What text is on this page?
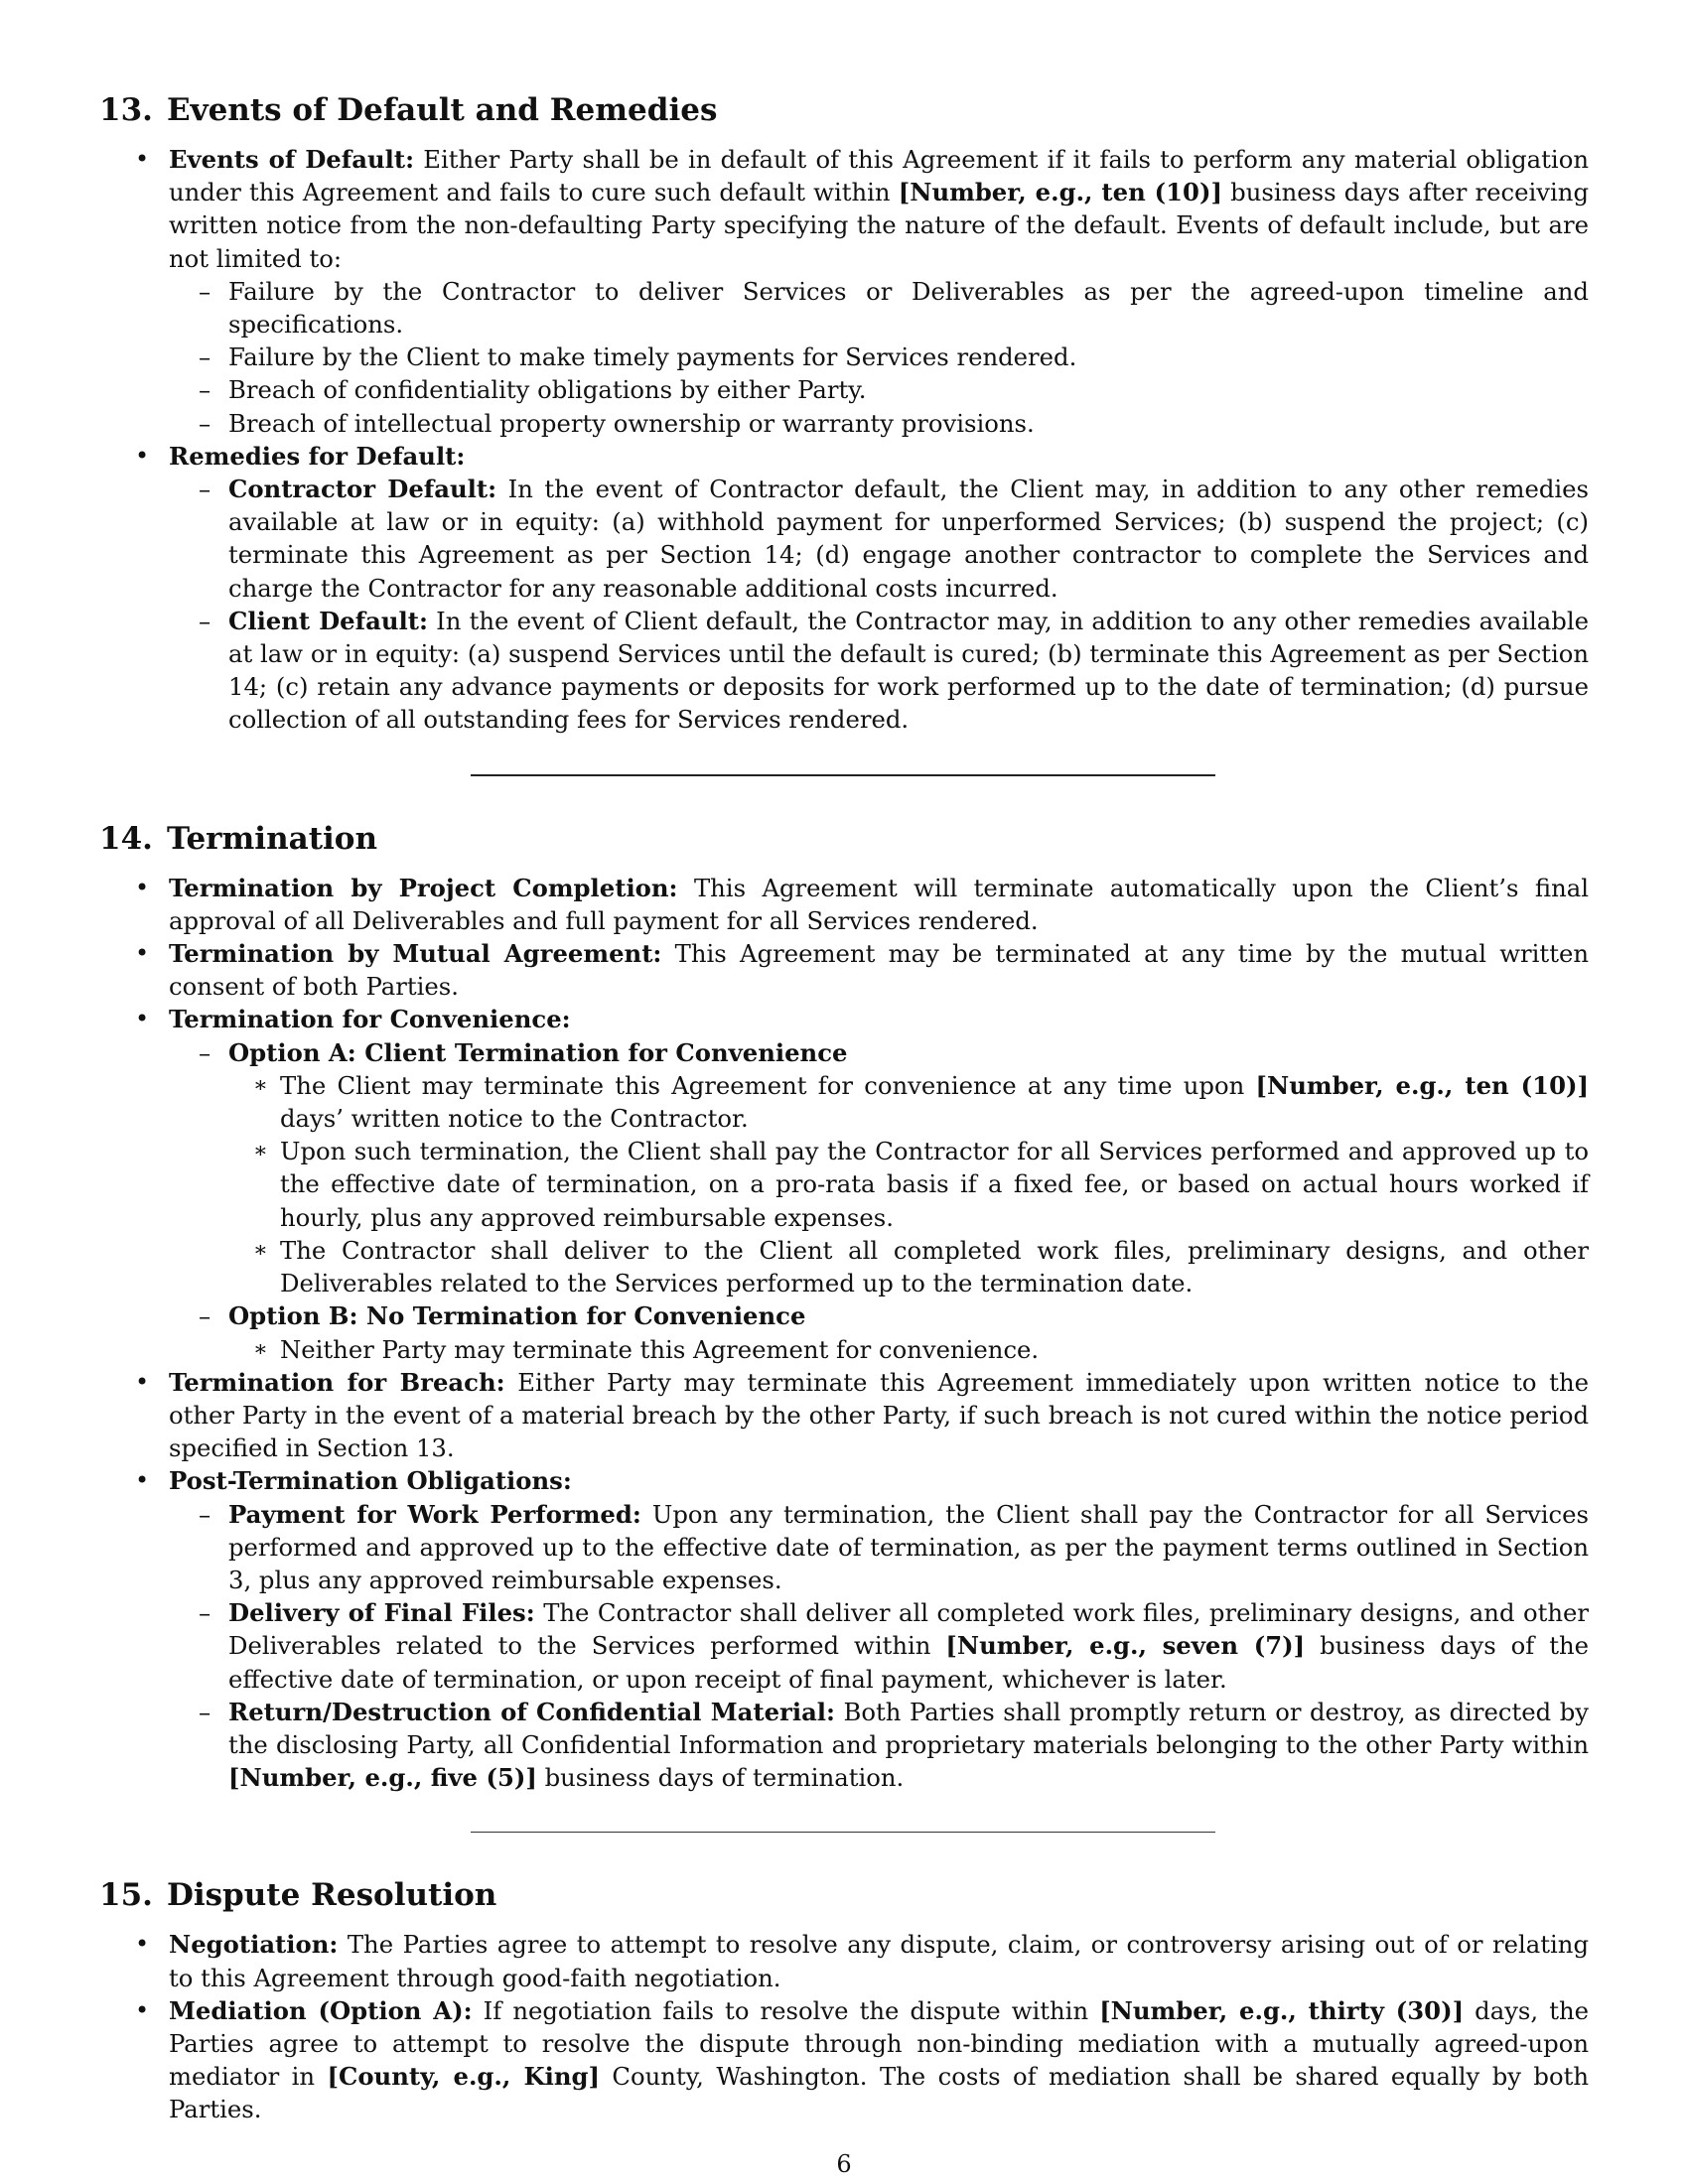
13. Events of Default and Remedies
• Events of Default: Either Party shall be in default of this Agreement if it fails to perform any material obligation under this Agreement and fails to cure such default within [Number, e.g., ten (10)] business days after receiving written notice from the non-defaulting Party specifying the nature of the default. Events of default include, but are not limited to:
– Failure by the Contractor to deliver Services or Deliverables as per the agreed-upon timeline and specifications.
– Failure by the Client to make timely payments for Services rendered.
– Breach of confidentiality obligations by either Party.
– Breach of intellectual property ownership or warranty provisions.
• Remedies for Default:
– Contractor Default: In the event of Contractor default, the Client may, in addition to any other remedies available at law or in equity: (a) withhold payment for unperformed Services; (b) suspend the project; (c) terminate this Agreement as per Section 14; (d) engage another contractor to complete the Services and charge the Contractor for any reasonable additional costs incurred.
– Client Default: In the event of Client default, the Contractor may, in addition to any other remedies available at law or in equity: (a) suspend Services until the default is cured; (b) terminate this Agreement as per Section 14; (c) retain any advance payments or deposits for work performed up to the date of termination; (d) pursue collection of all outstanding fees for Services rendered.
14. Termination
• Termination by Project Completion: This Agreement will terminate automatically upon the Client’s final approval of all Deliverables and full payment for all Services rendered.
• Termination by Mutual Agreement: This Agreement may be terminated at any time by the mutual written consent of both Parties.
• Termination for Convenience:
– Option A: Client Termination for Convenience
∗ The Client may terminate this Agreement for convenience at any time upon [Number, e.g., ten (10)] days’ written notice to the Contractor.
∗ Upon such termination, the Client shall pay the Contractor for all Services performed and approved up to the effective date of termination, on a pro-rata basis if a fixed fee, or based on actual hours worked if hourly, plus any approved reimbursable expenses.
∗ The Contractor shall deliver to the Client all completed work files, preliminary designs, and other Deliverables related to the Services performed up to the termination date.
– Option B: No Termination for Convenience
∗ Neither Party may terminate this Agreement for convenience.
• Termination for Breach: Either Party may terminate this Agreement immediately upon written notice to the other Party in the event of a material breach by the other Party, if such breach is not cured within the notice period specified in Section 13.
• Post-Termination Obligations:
– Payment for Work Performed: Upon any termination, the Client shall pay the Contractor for all Services performed and approved up to the effective date of termination, as per the payment terms outlined in Section 3, plus any approved reimbursable expenses.
– Delivery of Final Files: The Contractor shall deliver all completed work files, preliminary designs, and other Deliverables related to the Services performed within [Number, e.g., seven (7)] business days of the effective date of termination, or upon receipt of final payment, whichever is later.
– Return/Destruction of Confidential Material: Both Parties shall promptly return or destroy, as directed by the disclosing Party, all Confidential Information and proprietary materials belonging to the other Party within [Number, e.g., five (5)] business days of termination.
15. Dispute Resolution
• Negotiation: The Parties agree to attempt to resolve any dispute, claim, or controversy arising out of or relating to this Agreement through good-faith negotiation.
• Mediation (Option A): If negotiation fails to resolve the dispute within [Number, e.g., thirty (30)] days, the Parties agree to attempt to resolve the dispute through non-binding mediation with a mutually agreed-upon mediator in [County, e.g., King] County, Washington. The costs of mediation shall be shared equally by both Parties.
6
